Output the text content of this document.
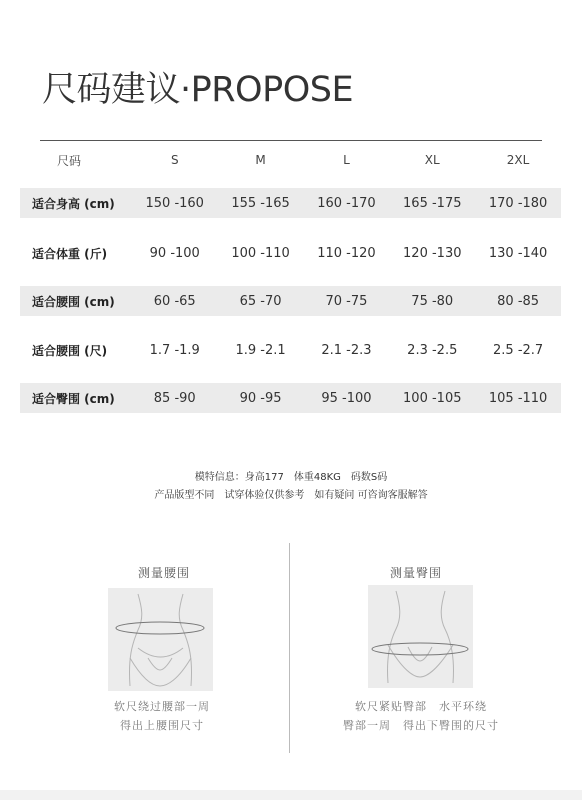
尺码建议·PROPOSE
尺码	S	M	L	XL	2XL
适合身高 (cm)	150 -160	155 -165	160 -170	165 -175	170 -180
适合体重 (斤)	90 -100	100 -110	110 -120	120 -130	130 -140
适合腰围 (cm)	60 -65	65 -70	70 -75	75 -80	80 -85
适合腰围 (尺)	1.7 -1.9	1.9 -2.1	2.1 -2.3	2.3 -2.5	2.5 -2.7
适合臀围 (cm)	85 -90	90 -95	95 -100	100 -105	105 -110
模特信息：身高177　体重48KG　码数S码
产品版型不同　试穿体验仅供参考　如有疑问 可咨询客服解答
测量腰围
软尺绕过腰部一周
得出上腰围尺寸
测量臀围
软尺紧贴臀部　水平环绕
臀部一周　得出下臀围的尺寸
